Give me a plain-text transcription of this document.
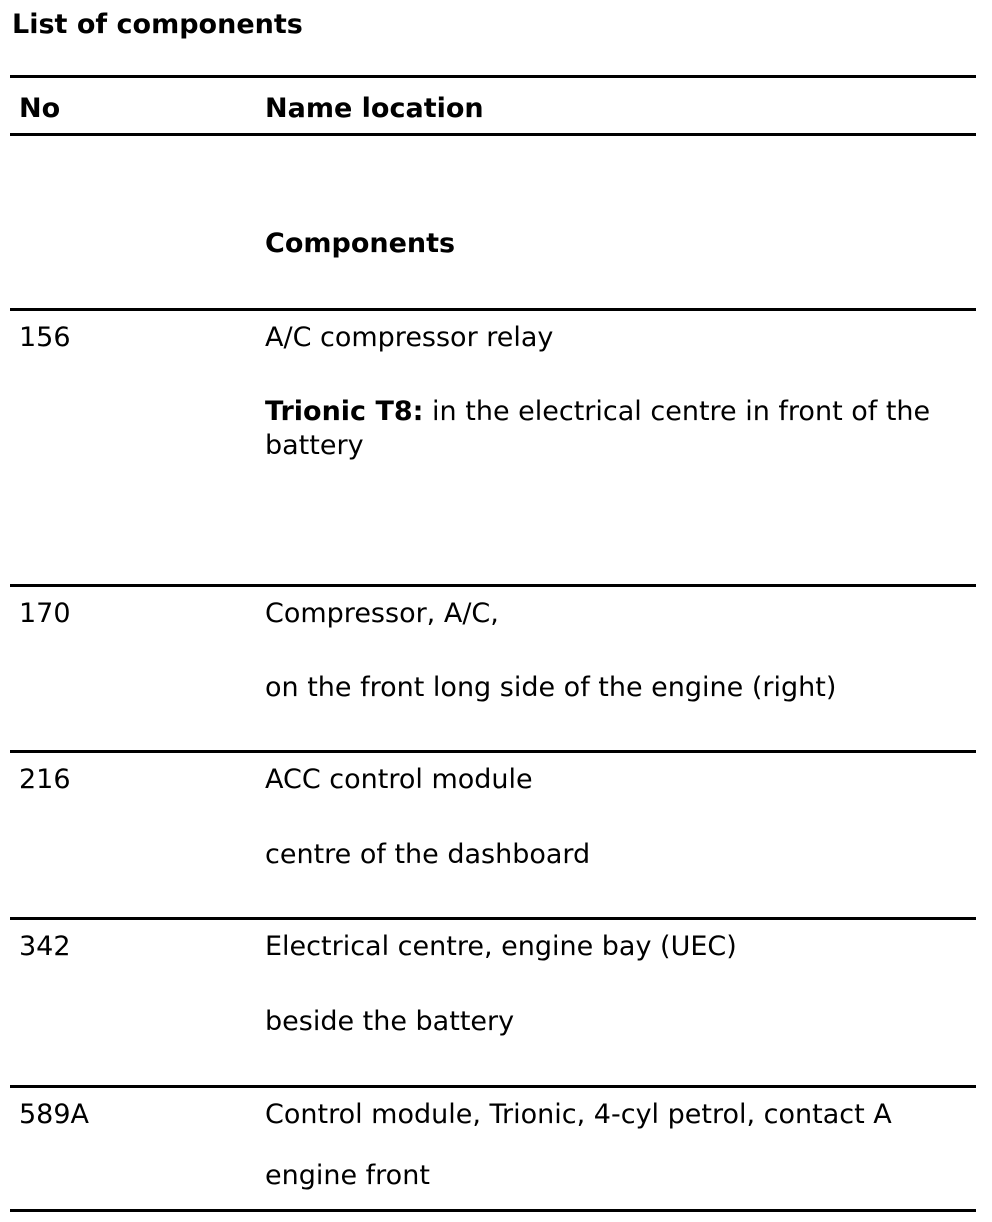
List of components
No	Name location
Components
156	A/C compressor relay
Trionic T8: in the electrical centre in front of the battery
170	Compressor, A/C,
on the front long side of the engine (right)
216	ACC control module
centre of the dashboard
342	Electrical centre, engine bay (UEC)
beside the battery
589A	Control module, Trionic, 4-cyl petrol, contact A
engine front
